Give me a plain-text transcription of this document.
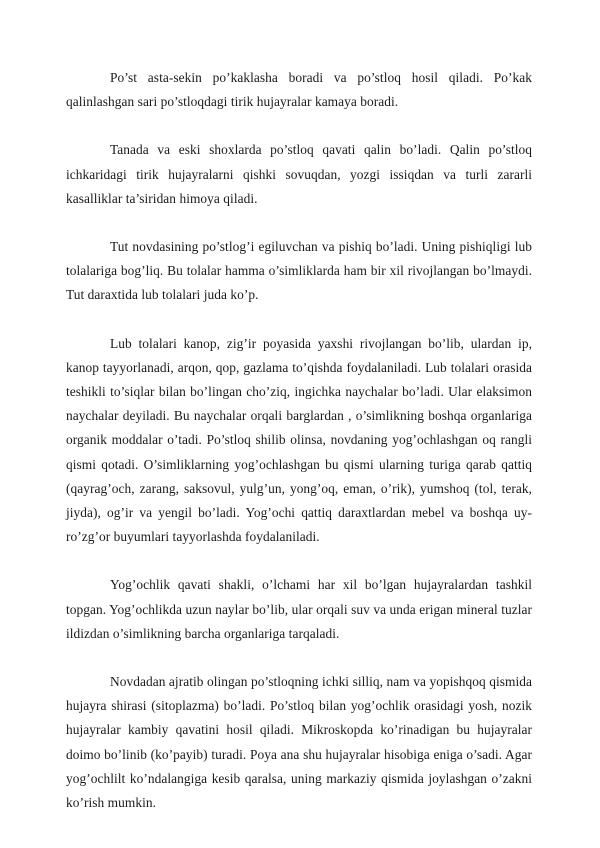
Po’st asta-sekin po’kaklasha boradi va po’stloq hosil qiladi. Po’kak qalinlashgan sari po’stloqdagi tirik hujayralar kamaya boradi.

Tanada va eski shoxlarda po’stloq qavati qalin bo’ladi. Qalin po’stloq ichkaridagi tirik hujayralarni qishki sovuqdan, yozgi issiqdan va turli zararli kasalliklar ta’siridan himoya qiladi.

Tut novdasining po’stlog’i egiluvchan va pishiq bo’ladi. Uning pishiqligi lub tolalariga bog’liq. Bu tolalar hamma o’simliklarda ham bir xil rivojlangan bo’lmaydi. Tut daraxtida lub tolalari juda ko’p.

Lub tolalari kanop, zig’ir poyasida yaxshi rivojlangan bo’lib, ulardan ip, kanop tayyorlanadi, arqon, qop, gazlama to’qishda foydalaniladi. Lub tolalari orasida teshikli to’siqlar bilan bo’lingan cho’ziq, ingichka naychalar bo’ladi. Ular elaksimon naychalar deyiladi. Bu naychalar orqali barglardan , o’simlikning boshqa organlariga organik moddalar o’tadi. Po’stloq shilib olinsa, novdaning yog’ochlashgan oq rangli qismi qotadi. O’simliklarning yog’ochlashgan bu qismi ularning turiga qarab qattiq (qayrag’och, zarang, saksovul, yulg’un, yong’oq, eman, o’rik), yumshoq (tol, terak, jiyda), og’ir va yengil bo’ladi. Yog’ochi qattiq daraxtlardan mebel va boshqa uy-ro’zg’or buyumlari tayyorlashda foydalaniladi.

Yog’ochlik qavati shakli, o’lchami har xil bo’lgan hujayralardan tashkil topgan. Yog’ochlikda uzun naylar bo’lib, ular orqali suv va unda erigan mineral tuzlar ildizdan o’simlikning barcha organlariga tarqaladi.

Novdadan ajratib olingan po’stloqning ichki silliq, nam va yopishqoq qismida hujayra shirasi (sitoplazma) bo’ladi. Po’stloq bilan yog’ochlik orasidagi yosh, nozik hujayralar kambiy qavatini hosil qiladi. Mikroskopda ko’rinadigan bu hujayralar doimo bo’linib (ko’payib) turadi. Poya ana shu hujayralar hisobiga eniga o’sadi. Agar yog’ochlilt ko’ndalangiga kesib qaralsa, uning markaziy qismida joylashgan o’zakni ko’rish mumkin.
